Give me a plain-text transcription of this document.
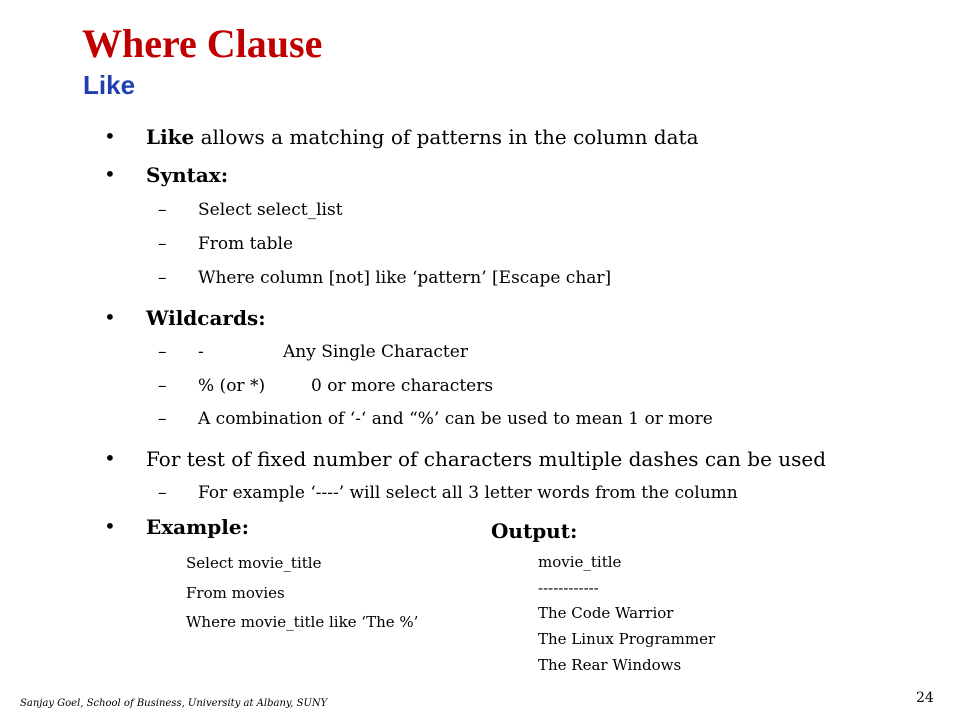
Where Clause
Like
• Like allows a matching of patterns in the column data
• Syntax:
– Select select_list
– From table
– Where column [not] like ‘pattern’ [Escape char]
• Wildcards:
– -	Any Single Character
– % (or *)	0 or more characters
– A combination of ‘-‘ and “%’ can be used to mean 1 or more
• For test of fixed number of characters multiple dashes can be used
– For example ‘----’ will select all 3 letter words from the column
• Example:
Select movie_title
From movies
Where movie_title like ‘The %’
Output:
movie_title
------------
The Code Warrior
The Linux Programmer
The Rear Windows
Sanjay Goel, School of Business, University at Albany, SUNY	24
